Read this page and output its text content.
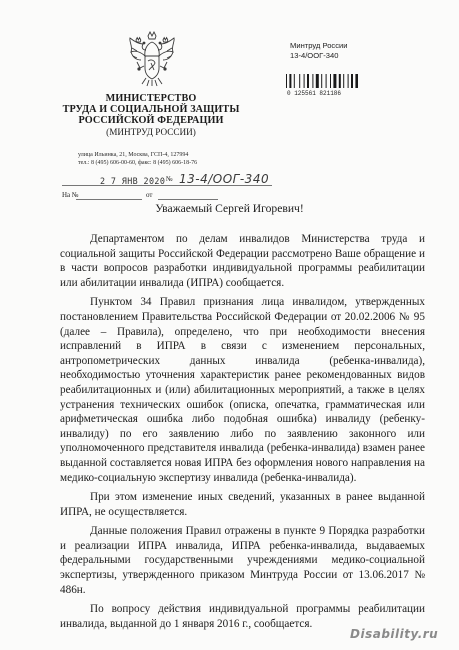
МИНИСТЕРСТВО
ТРУДА И СОЦИАЛЬНОЙ ЗАЩИТЫ
РОССИЙСКОЙ ФЕДЕРАЦИИ
(МИНТРУД РОССИИ)
улица Ильинка, 21, Москва, ГСП-4, 127994
тел.: 8 (495) 606-00-60, факс: 8 (495) 606-18-76
2 7 ЯНВ 2020 № 13-4/ООГ-340
На №	от
Минтруд России
13-4/ООГ-340
0 125561 821186
Уважаемый Сергей Игоревич!

Департаментом по делам инвалидов Министерства труда и социальной защиты Российской Федерации рассмотрено Ваше обращение и в части вопросов разработки индивидуальной программы реабилитации или абилитации инвалида (ИПРА) сообщается.

Пунктом 34 Правил признания лица инвалидом, утвержденных постановлением Правительства Российской Федерации от 20.02.2006 № 95 (далее – Правила), определено, что при необходимости внесения исправлений в ИПРА в связи с изменением персональных, антропометрических данных инвалида (ребенка-инвалида), необходимостью уточнения характеристик ранее рекомендованных видов реабилитационных и (или) абилитационных мероприятий, а также в целях устранения технических ошибок (описка, опечатка, грамматическая или арифметическая ошибка либо подобная ошибка) инвалиду (ребенку-инвалиду) по его заявлению либо по заявлению законного или уполномоченного представителя инвалида (ребенка-инвалида) взамен ранее выданной составляется новая ИПРА без оформления нового направления на медико-социальную экспертизу инвалида (ребенка-инвалида).

При этом изменение иных сведений, указанных в ранее выданной ИПРА, не осуществляется.

Данные положения Правил отражены в пункте 9 Порядка разработки и реализации ИПРА инвалида, ИПРА ребенка-инвалида, выдаваемых федеральными государственными учреждениями медико-социальной экспертизы, утвержденного приказом Минтруда России от 13.06.2017 № 486н.

По вопросу действия индивидуальной программы реабилитации инвалида, выданной до 1 января 2016 г., сообщается.

Disability.ru
